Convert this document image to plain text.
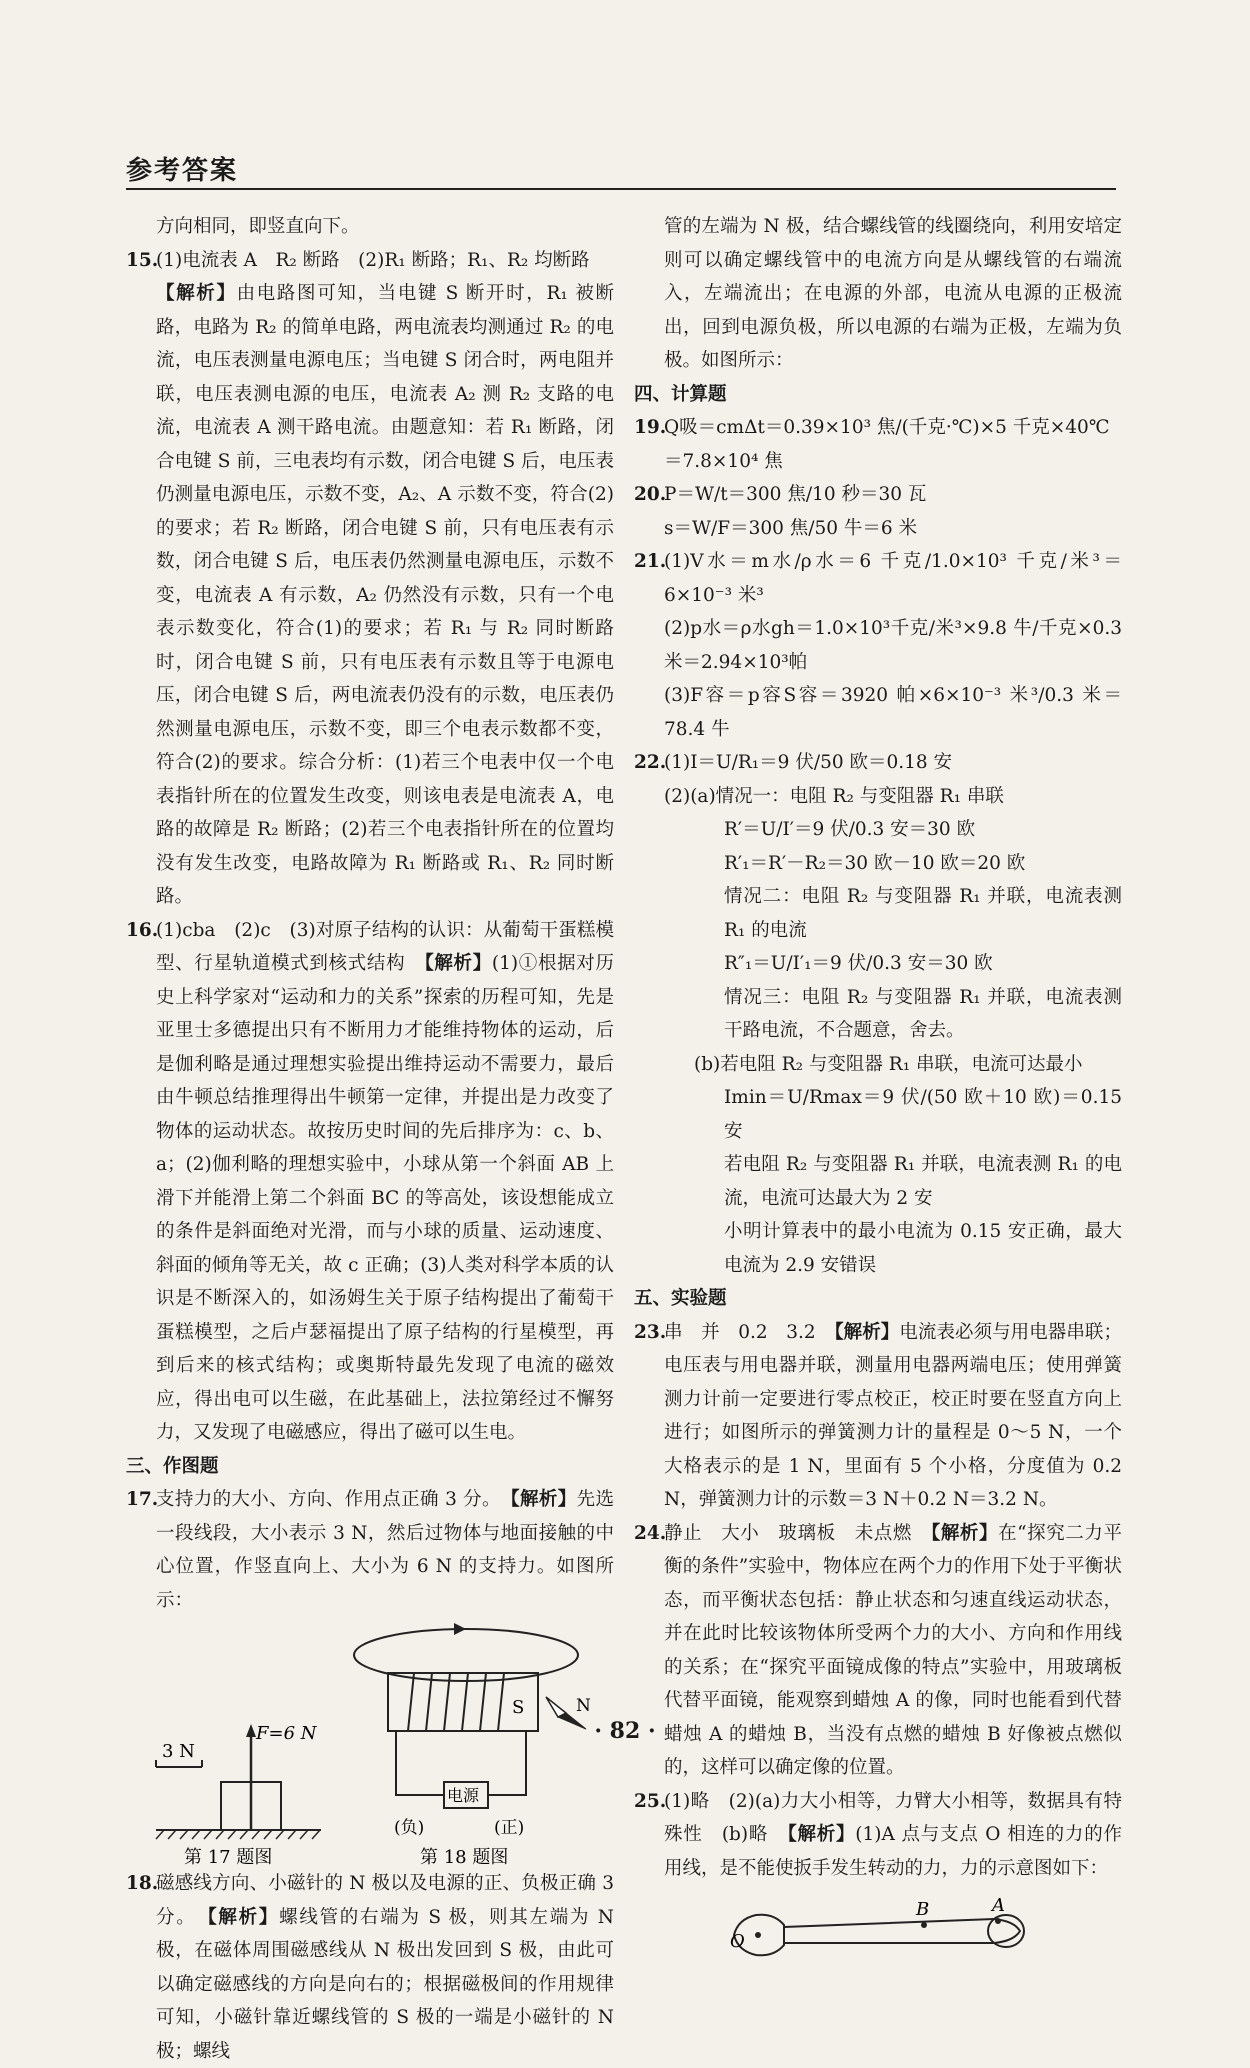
参考答案

方向相同，即竖直向下。

15.

(1)电流表 A　R₂ 断路　(2)R₁ 断路；R₁、R₂ 均断路

【解析】由电路图可知，当电键 S 断开时，R₁ 被断路，电路为 R₂ 的简单电路，两电流表均测通过 R₂ 的电流，电压表测量电源电压；当电键 S 闭合时，两电阻并联，电压表测电源的电压，电流表 A₂ 测 R₂ 支路的电流，电流表 A 测干路电流。由题意知：若 R₁ 断路，闭合电键 S 前，三电表均有示数，闭合电键 S 后，电压表仍测量电源电压，示数不变，A₂、A 示数不变，符合(2)的要求；若 R₂ 断路，闭合电键 S 前，只有电压表有示数，闭合电键 S 后，电压表仍然测量电源电压，示数不变，电流表 A 有示数，A₂ 仍然没有示数，只有一个电表示数变化，符合(1)的要求；若 R₁ 与 R₂ 同时断路时，闭合电键 S 前，只有电压表有示数且等于电源电压，闭合电键 S 后，两电流表仍没有的示数，电压表仍然测量电源电压，示数不变，即三个电表示数都不变，符合(2)的要求。综合分析：(1)若三个电表中仅一个电表指针所在的位置发生改变，则该电表是电流表 A，电路的故障是 R₂ 断路；(2)若三个电表指针所在的位置均没有发生改变，电路故障为 R₁ 断路或 R₁、R₂ 同时断路。

16.

(1)cba　(2)c　(3)对原子结构的认识：从葡萄干蛋糕模型、行星轨道模式到核式结构　 【解析】(1)①根据对历史上科学家对“运动和力的关系”探索的历程可知，先是亚里士多德提出只有不断用力才能维持物体的运动，后是伽利略是通过理想实验提出维持运动不需要力，最后由牛顿总结推理得出牛顿第一定律，并提出是力改变了物体的运动状态。故按历史时间的先后排序为：c、b、a；(2)伽利略的理想实验中，小球从第一个斜面 AB 上滑下并能滑上第二个斜面 BC 的等高处，该设想能成立的条件是斜面绝对光滑，而与小球的质量、运动速度、斜面的倾角等无关，故 c 正确；(3)人类对科学本质的认识是不断深入的，如汤姆生关于原子结构提出了葡萄干蛋糕模型，之后卢瑟福提出了原子结构的行星模型，再到后来的核式结构；或奥斯特最先发现了电流的磁效应，得出电可以生磁，在此基础上，法拉第经过不懈努力，又发现了电磁感应，得出了磁可以生电。

三、作图题

17.

支持力的大小、方向、作用点正确 3 分。　 【解析】先选一段线段，大小表示 3 N，然后过物体与地面接触的中心位置，作竖直向上、大小为 6 N 的支持力。如图所示：

3 N
F=6 N
第 17 题图
S	N
电源
(负)	(正)
第 18 题图
18.

磁感线方向、小磁针的 N 极以及电源的正、负极正确 3 分。　 【解析】螺线管的右端为 S 极，则其左端为 N 极，在磁体周围磁感线从 N 极出发回到 S 极，由此可以确定磁感线的方向是向右的；根据磁极间的作用规律可知，小磁针靠近螺线管的 S 极的一端是小磁针的 N 极；螺线

管的左端为 N 极，结合螺线管的线圈绕向，利用安培定则可以确定螺线管中的电流方向是从螺线管的右端流入，左端流出；在电源的外部，电流从电源的正极流出，回到电源负极，所以电源的右端为正极，左端为负极。如图所示：

四、计算题

19.

Q吸＝cmΔt＝0.39×10³ 焦/(千克·℃)×5 千克×40℃

＝7.8×10⁴ 焦

20.

P＝W/t＝300 焦/10 秒＝30 瓦

s＝W/F＝300 焦/50 牛＝6 米

21.

(1)V水＝m水/ρ水＝6 千克/1.0×10³ 千克/米³＝6×10⁻³ 米³

(2)p水＝ρ水gh＝1.0×10³千克/米³×9.8 牛/千克×0.3 米＝2.94×10³帕

(3)F容＝p容S容＝3920 帕×6×10⁻³ 米³/0.3 米＝78.4 牛

22.

(1)I＝U/R₁＝9 伏/50 欧＝0.18 安

(2)(a)情况一：电阻 R₂ 与变阻器 R₁ 串联

R′＝U/I′＝9 伏/0.3 安＝30 欧

R′₁＝R′－R₂＝30 欧－10 欧＝20 欧

情况二：电阻 R₂ 与变阻器 R₁ 并联，电流表测 R₁ 的电流

R″₁＝U/I′₁＝9 伏/0.3 安＝30 欧

情况三：电阻 R₂ 与变阻器 R₁ 并联，电流表测干路电流，不合题意，舍去。

(b)若电阻 R₂ 与变阻器 R₁ 串联，电流可达最小

Imin＝U/Rmax＝9 伏/(50 欧＋10 欧)＝0.15 安

若电阻 R₂ 与变阻器 R₁ 并联，电流表测 R₁ 的电流，电流可达最大为 2 安

小明计算表中的最小电流为 0.15 安正确，最大电流为 2.9 安错误

五、实验题

23.

串　并　0.2　3.2　 【解析】电流表必须与用电器串联；电压表与用电器并联，测量用电器两端电压；使用弹簧测力计前一定要进行零点校正，校正时要在竖直方向上进行；如图所示的弹簧测力计的量程是 0～5 N，一个大格表示的是 1 N，里面有 5 个小格，分度值为 0.2 N，弹簧测力计的示数＝3 N＋0.2 N＝3.2 N。

24.

静止　大小　玻璃板　未点燃　 【解析】在“探究二力平衡的条件”实验中，物体应在两个力的作用下处于平衡状态，而平衡状态包括：静止状态和匀速直线运动状态，并在此时比较该物体所受两个力的大小、方向和作用线的关系；在“探究平面镜成像的特点”实验中，用玻璃板代替平面镜，能观察到蜡烛 A 的像，同时也能看到代替蜡烛 A 的蜡烛 B，当没有点燃的蜡烛 B 好像被点燃似的，这样可以确定像的位置。

25.

(1)略　(2)(a)力大小相等，力臂大小相等，数据具有特殊性　(b)略　 【解析】(1)A 点与支点 O 相连的力的作用线，是不能使扳手发生转动的力，力的示意图如下：

O
B	A
· 82 ·
